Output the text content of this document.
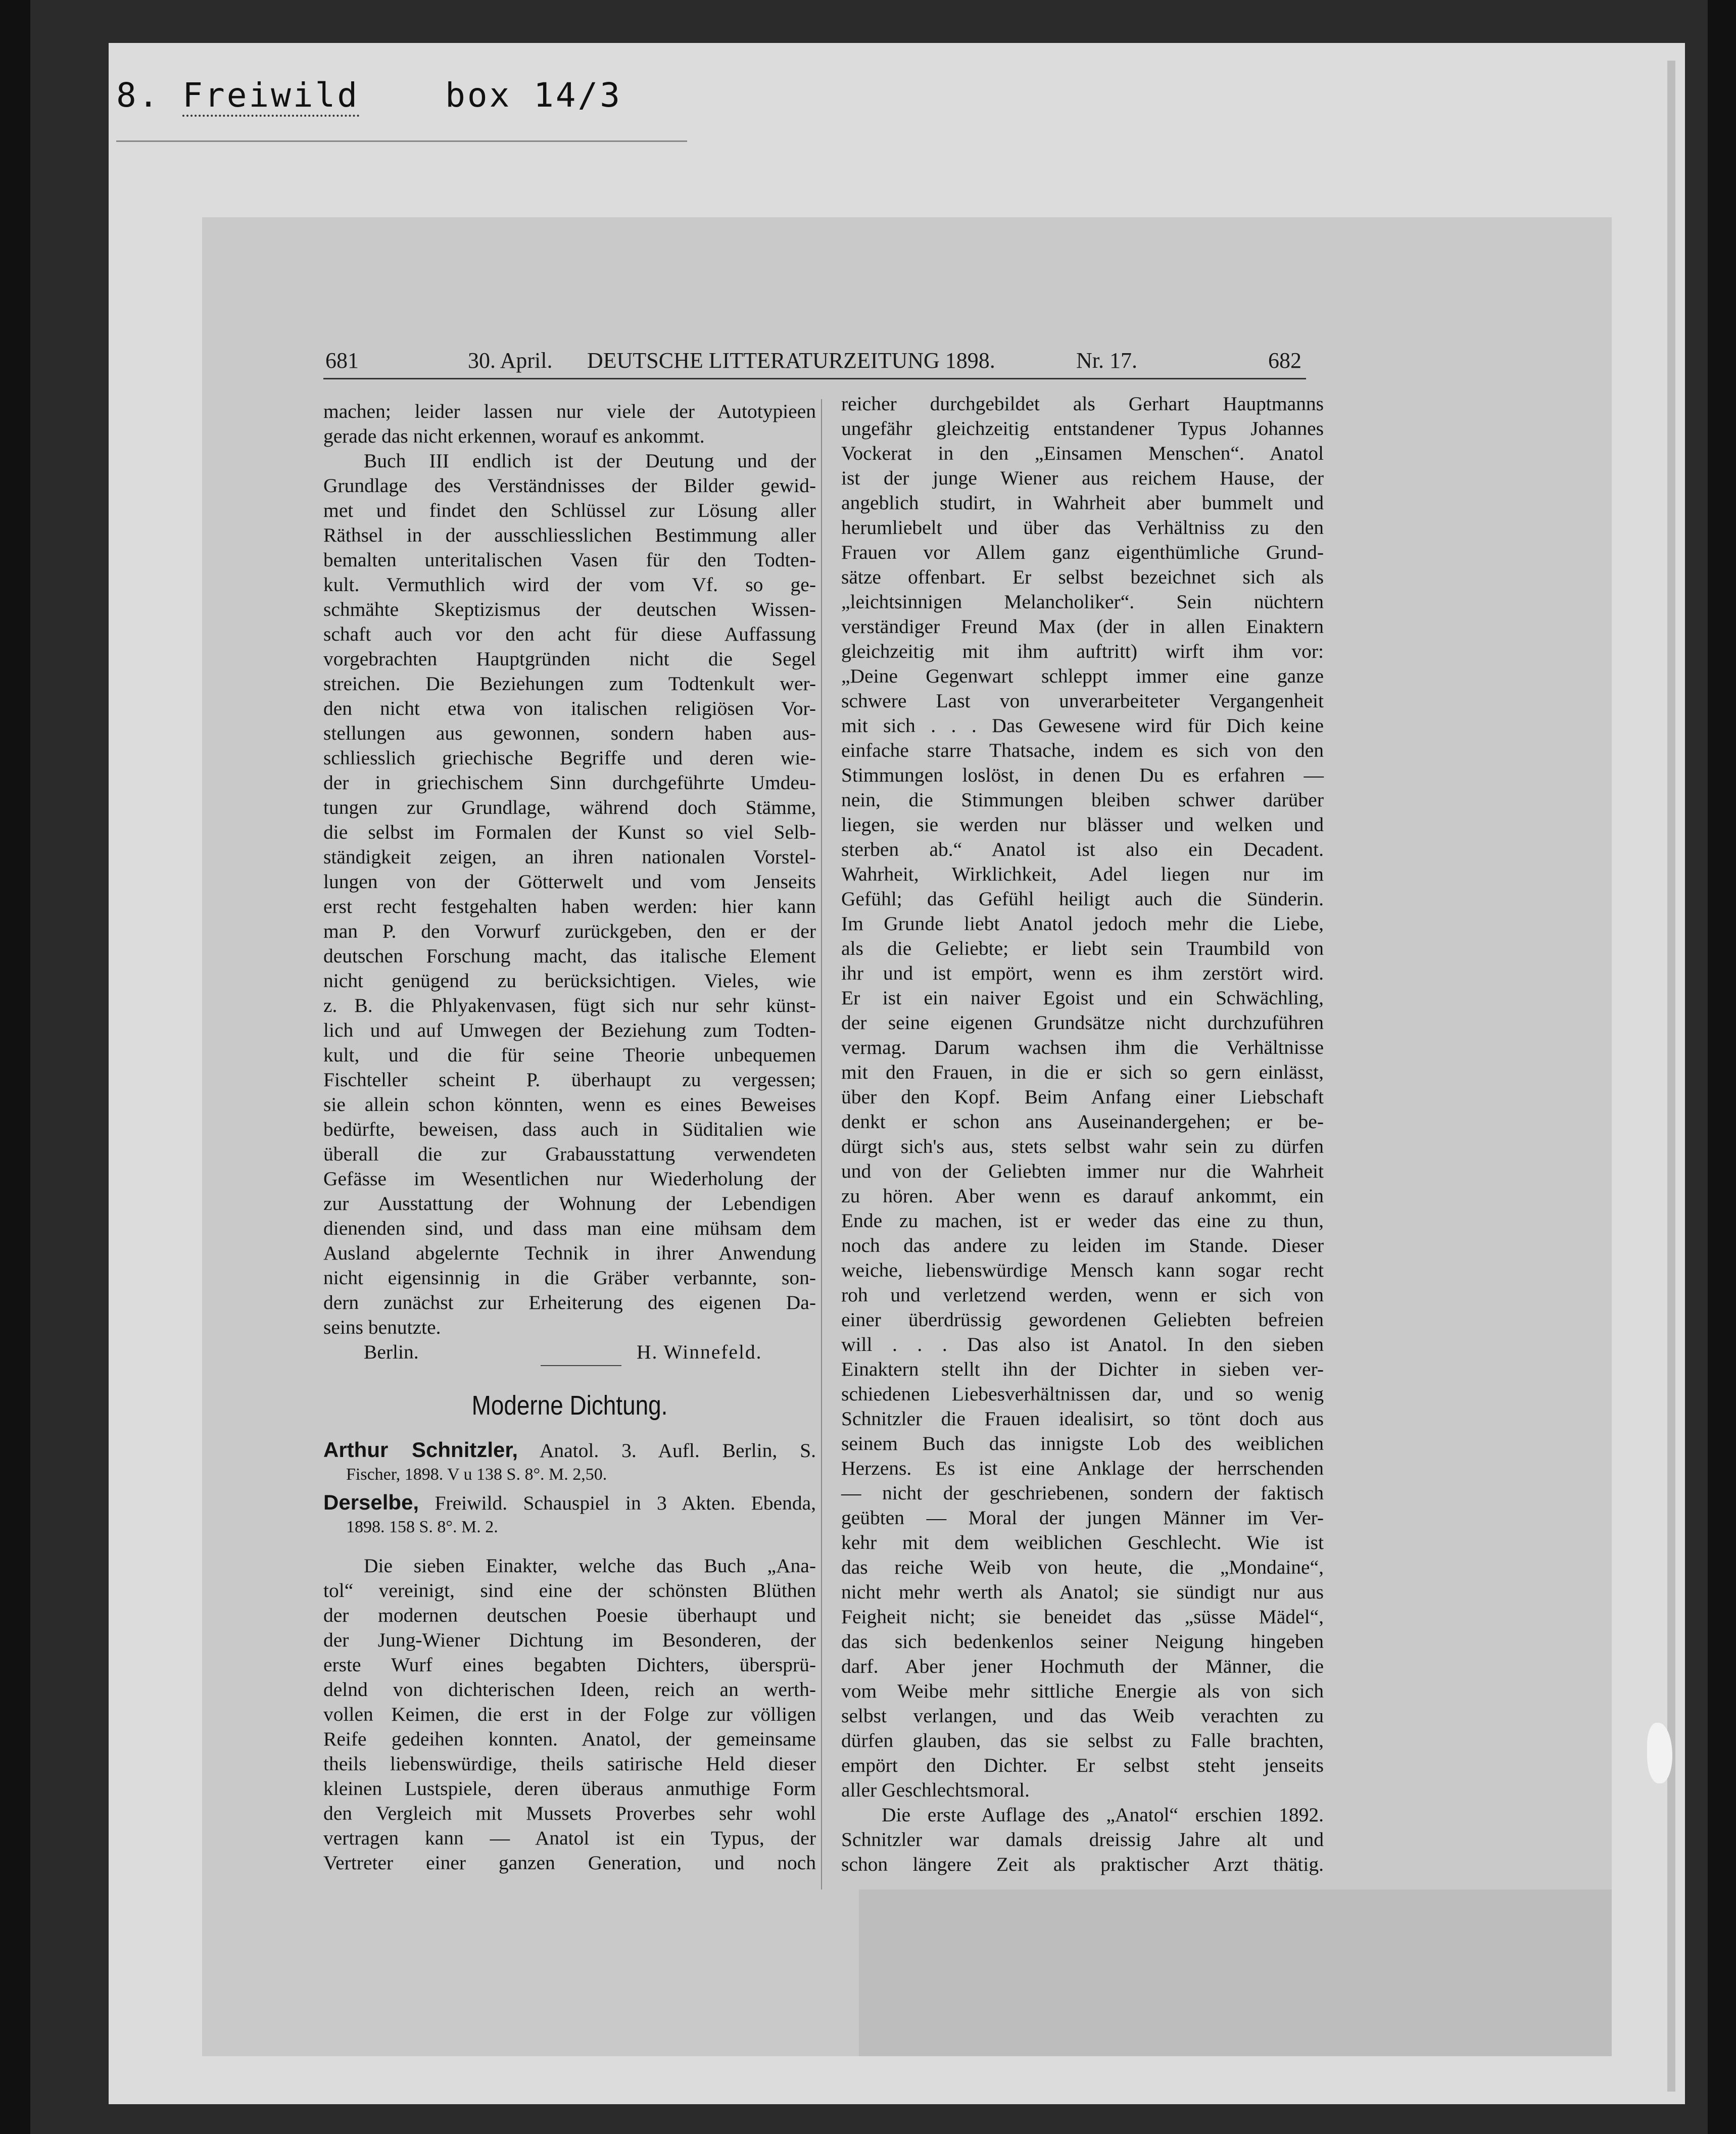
8. Freiwild	box 14/3
681	30. April. DEUTSCHE LITTERATURZEITUNG 1898.	Nr. 17.	682
machen; leider lassen nur viele der Autotypieen
gerade das nicht erkennen, worauf es ankommt.
Buch III endlich ist der Deutung und der
Grundlage des Verständnisses der Bilder gewid-
met und findet den Schlüssel zur Lösung aller
Räthsel in der ausschliesslichen Bestimmung aller
bemalten unteritalischen Vasen für den Todten-
kult. Vermuthlich wird der vom Vf. so ge-
schmähte Skeptizismus der deutschen Wissen-
schaft auch vor den acht für diese Auffassung
vorgebrachten Hauptgründen nicht die Segel
streichen. Die Beziehungen zum Todtenkult wer-
den nicht etwa von italischen religiösen Vor-
stellungen aus gewonnen, sondern haben aus-
schliesslich griechische Begriffe und deren wie-
der in griechischem Sinn durchgeführte Umdeu-
tungen zur Grundlage, während doch Stämme,
die selbst im Formalen der Kunst so viel Selb-
ständigkeit zeigen, an ihren nationalen Vorstel-
lungen von der Götterwelt und vom Jenseits
erst recht festgehalten haben werden: hier kann
man P. den Vorwurf zurückgeben, den er der
deutschen Forschung macht, das italische Element
nicht genügend zu berücksichtigen. Vieles, wie
z. B. die Phlyakenvasen, fügt sich nur sehr künst-
lich und auf Umwegen der Beziehung zum Todten-
kult, und die für seine Theorie unbequemen
Fischteller scheint P. überhaupt zu vergessen;
sie allein schon könnten, wenn es eines Beweises
bedürfte, beweisen, dass auch in Süditalien wie
überall die zur Grabausstattung verwendeten
Gefässe im Wesentlichen nur Wiederholung der
zur Ausstattung der Wohnung der Lebendigen
dienenden sind, und dass man eine mühsam dem
Ausland abgelernte Technik in ihrer Anwendung
nicht eigensinnig in die Gräber verbannte, son-
dern zunächst zur Erheiterung des eigenen Da-
seins benutzte.
Berlin.	H. Winnefeld.
Moderne Dichtung.
Arthur Schnitzler, Anatol. 3. Aufl. Berlin, S.
Fischer, 1898. V u 138 S. 8°. M. 2,50.
Derselbe, Freiwild. Schauspiel in 3 Akten. Ebenda,
1898. 158 S. 8°. M. 2.
Die sieben Einakter, welche das Buch „Ana-
tol“ vereinigt, sind eine der schönsten Blüthen
der modernen deutschen Poesie überhaupt und
der Jung-Wiener Dichtung im Besonderen, der
erste Wurf eines begabten Dichters, übersprü-
delnd von dichterischen Ideen, reich an werth-
vollen Keimen, die erst in der Folge zur völligen
Reife gedeihen konnten. Anatol, der gemeinsame
theils liebenswürdige, theils satirische Held dieser
kleinen Lustspiele, deren überaus anmuthige Form
den Vergleich mit Mussets Proverbes sehr wohl
vertragen kann — Anatol ist ein Typus, der
Vertreter einer ganzen Generation, und noch
reicher durchgebildet als Gerhart Hauptmanns
ungefähr gleichzeitig entstandener Typus Johannes
Vockerat in den „Einsamen Menschen“. Anatol
ist der junge Wiener aus reichem Hause, der
angeblich studirt, in Wahrheit aber bummelt und
herumliebelt und über das Verhältniss zu den
Frauen vor Allem ganz eigenthümliche Grund-
sätze offenbart. Er selbst bezeichnet sich als
„leichtsinnigen Melancholiker“. Sein nüchtern
verständiger Freund Max (der in allen Einaktern
gleichzeitig mit ihm auftritt) wirft ihm vor:
„Deine Gegenwart schleppt immer eine ganze
schwere Last von unverarbeiteter Vergangenheit
mit sich . . . Das Gewesene wird für Dich keine
einfache starre Thatsache, indem es sich von den
Stimmungen loslöst, in denen Du es erfahren —
nein, die Stimmungen bleiben schwer darüber
liegen, sie werden nur blässer und welken und
sterben ab.“ Anatol ist also ein Decadent.
Wahrheit, Wirklichkeit, Adel liegen nur im
Gefühl; das Gefühl heiligt auch die Sünderin.
Im Grunde liebt Anatol jedoch mehr die Liebe,
als die Geliebte; er liebt sein Traumbild von
ihr und ist empört, wenn es ihm zerstört wird.
Er ist ein naiver Egoist und ein Schwächling,
der seine eigenen Grundsätze nicht durchzuführen
vermag. Darum wachsen ihm die Verhältnisse
mit den Frauen, in die er sich so gern einlässt,
über den Kopf. Beim Anfang einer Liebschaft
denkt er schon ans Auseinandergehen; er be-
dürgt sich's aus, stets selbst wahr sein zu dürfen
und von der Geliebten immer nur die Wahrheit
zu hören. Aber wenn es darauf ankommt, ein
Ende zu machen, ist er weder das eine zu thun,
noch das andere zu leiden im Stande. Dieser
weiche, liebenswürdige Mensch kann sogar recht
roh und verletzend werden, wenn er sich von
einer überdrüssig gewordenen Geliebten befreien
will . . . Das also ist Anatol. In den sieben
Einaktern stellt ihn der Dichter in sieben ver-
schiedenen Liebesverhältnissen dar, und so wenig
Schnitzler die Frauen idealisirt, so tönt doch aus
seinem Buch das innigste Lob des weiblichen
Herzens. Es ist eine Anklage der herrschenden
— nicht der geschriebenen, sondern der faktisch
geübten — Moral der jungen Männer im Ver-
kehr mit dem weiblichen Geschlecht. Wie ist
das reiche Weib von heute, die „Mondaine“,
nicht mehr werth als Anatol; sie sündigt nur aus
Feigheit nicht; sie beneidet das „süsse Mädel“,
das sich bedenkenlos seiner Neigung hingeben
darf. Aber jener Hochmuth der Männer, die
vom Weibe mehr sittliche Energie als von sich
selbst verlangen, und das Weib verachten zu
dürfen glauben, das sie selbst zu Falle brachten,
empört den Dichter. Er selbst steht jenseits
aller Geschlechtsmoral.
Die erste Auflage des „Anatol“ erschien 1892.
Schnitzler war damals dreissig Jahre alt und
schon längere Zeit als praktischer Arzt thätig.
